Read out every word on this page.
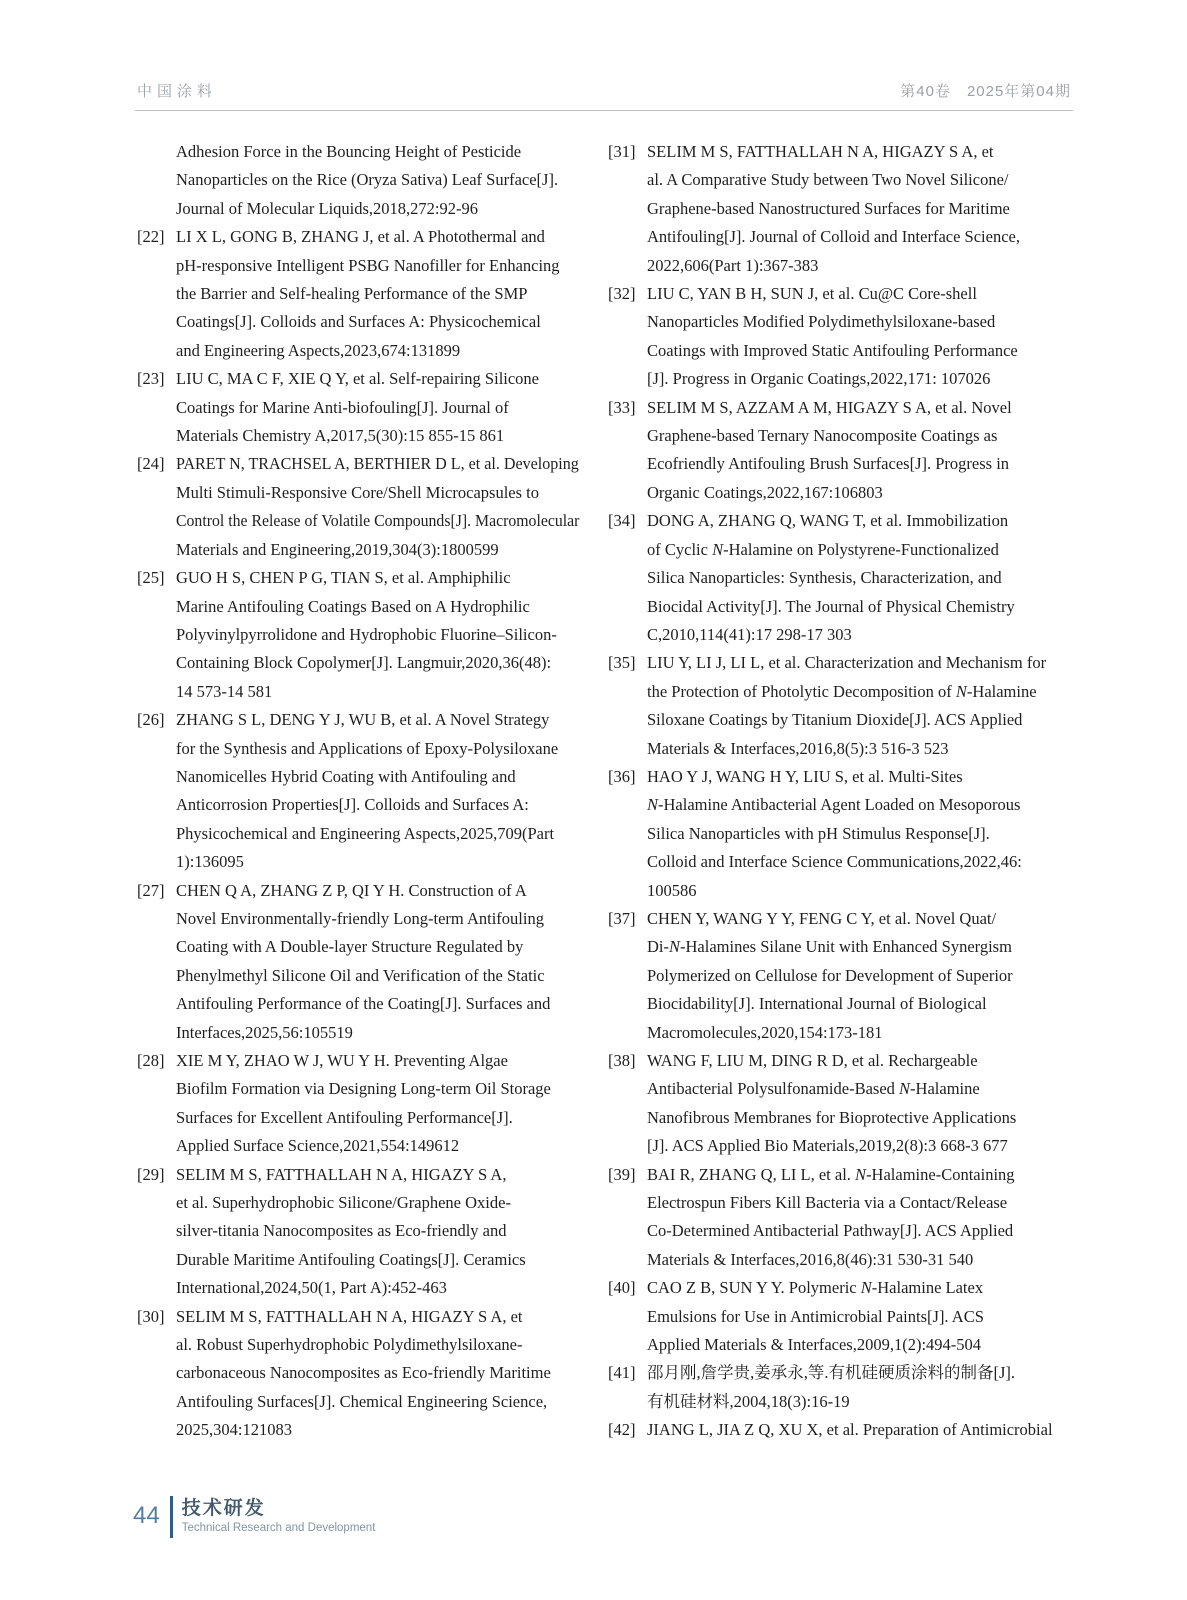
中国涂料	第40卷 2025年第04期
Adhesion Force in the Bouncing Height of Pesticide
Nanoparticles on the Rice (Oryza Sativa) Leaf Surface[J].
Journal of Molecular Liquids,2018,272:92-96
[22] LI X L, GONG B, ZHANG J, et al. A Photothermal and
pH-responsive Intelligent PSBG Nanofiller for Enhancing
the Barrier and Self-healing Performance of the SMP
Coatings[J]. Colloids and Surfaces A: Physicochemical
and Engineering Aspects,2023,674:131899
[23] LIU C, MA C F, XIE Q Y, et al. Self-repairing Silicone
Coatings for Marine Anti-biofouling[J]. Journal of
Materials Chemistry A,2017,5(30):15 855-15 861
[24] PARET N, TRACHSEL A, BERTHIER D L, et al. Developing
Multi Stimuli-Responsive Core/Shell Microcapsules to
Control the Release of Volatile Compounds[J]. Macromolecular
Materials and Engineering,2019,304(3):1800599
[25] GUO H S, CHEN P G, TIAN S, et al. Amphiphilic
Marine Antifouling Coatings Based on A Hydrophilic
Polyvinylpyrrolidone and Hydrophobic Fluorine–Silicon-
Containing Block Copolymer[J]. Langmuir,2020,36(48):
14 573-14 581
[26] ZHANG S L, DENG Y J, WU B, et al. A Novel Strategy
for the Synthesis and Applications of Epoxy-Polysiloxane
Nanomicelles Hybrid Coating with Antifouling and
Anticorrosion Properties[J]. Colloids and Surfaces A:
Physicochemical and Engineering Aspects,2025,709(Part
1):136095
[27] CHEN Q A, ZHANG Z P, QI Y H. Construction of A
Novel Environmentally-friendly Long-term Antifouling
Coating with A Double-layer Structure Regulated by
Phenylmethyl Silicone Oil and Verification of the Static
Antifouling Performance of the Coating[J]. Surfaces and
Interfaces,2025,56:105519
[28] XIE M Y, ZHAO W J, WU Y H. Preventing Algae
Biofilm Formation via Designing Long-term Oil Storage
Surfaces for Excellent Antifouling Performance[J].
Applied Surface Science,2021,554:149612
[29] SELIM M S, FATTHALLAH N A, HIGAZY S A,
et al. Superhydrophobic Silicone/Graphene Oxide-
silver-titania Nanocomposites as Eco-friendly and
Durable Maritime Antifouling Coatings[J]. Ceramics
International,2024,50(1, Part A):452-463
[30] SELIM M S, FATTHALLAH N A, HIGAZY S A, et
al. Robust Superhydrophobic Polydimethylsiloxane-
carbonaceous Nanocomposites as Eco-friendly Maritime
Antifouling Surfaces[J]. Chemical Engineering Science,
2025,304:121083
[31] SELIM M S, FATTHALLAH N A, HIGAZY S A, et
al. A Comparative Study between Two Novel Silicone/
Graphene-based Nanostructured Surfaces for Maritime
Antifouling[J]. Journal of Colloid and Interface Science,
2022,606(Part 1):367-383
[32] LIU C, YAN B H, SUN J, et al. Cu@C Core-shell
Nanoparticles Modified Polydimethylsiloxane-based
Coatings with Improved Static Antifouling Performance
[J]. Progress in Organic Coatings,2022,171: 107026
[33] SELIM M S, AZZAM A M, HIGAZY S A, et al. Novel
Graphene-based Ternary Nanocomposite Coatings as
Ecofriendly Antifouling Brush Surfaces[J]. Progress in
Organic Coatings,2022,167:106803
[34] DONG A, ZHANG Q, WANG T, et al. Immobilization
of Cyclic N-Halamine on Polystyrene-Functionalized
Silica Nanoparticles: Synthesis, Characterization, and
Biocidal Activity[J]. The Journal of Physical Chemistry
C,2010,114(41):17 298-17 303
[35] LIU Y, LI J, LI L, et al. Characterization and Mechanism for
the Protection of Photolytic Decomposition of N-Halamine
Siloxane Coatings by Titanium Dioxide[J]. ACS Applied
Materials & Interfaces,2016,8(5):3 516-3 523
[36] HAO Y J, WANG H Y, LIU S, et al. Multi-Sites
N-Halamine Antibacterial Agent Loaded on Mesoporous
Silica Nanoparticles with pH Stimulus Response[J].
Colloid and Interface Science Communications,2022,46:
100586
[37] CHEN Y, WANG Y Y, FENG C Y, et al. Novel Quat/
Di-N-Halamines Silane Unit with Enhanced Synergism
Polymerized on Cellulose for Development of Superior
Biocidability[J]. International Journal of Biological
Macromolecules,2020,154:173-181
[38] WANG F, LIU M, DING R D, et al. Rechargeable
Antibacterial Polysulfonamide-Based N-Halamine
Nanofibrous Membranes for Bioprotective Applications
[J]. ACS Applied Bio Materials,2019,2(8):3 668-3 677
[39] BAI R, ZHANG Q, LI L, et al. N-Halamine-Containing
Electrospun Fibers Kill Bacteria via a Contact/Release
Co-Determined Antibacterial Pathway[J]. ACS Applied
Materials & Interfaces,2016,8(46):31 530-31 540
[40] CAO Z B, SUN Y Y. Polymeric N-Halamine Latex
Emulsions for Use in Antimicrobial Paints[J]. ACS
Applied Materials & Interfaces,2009,1(2):494-504
[41] 邵月刚,詹学贵,姜承永,等.有机硅硬质涂料的制备[J].
有机硅材料,2004,18(3):16-19
[42] JIANG L, JIA Z Q, XU X, et al. Preparation of Antimicrobial
44 技术研发
Technical Research and Development
